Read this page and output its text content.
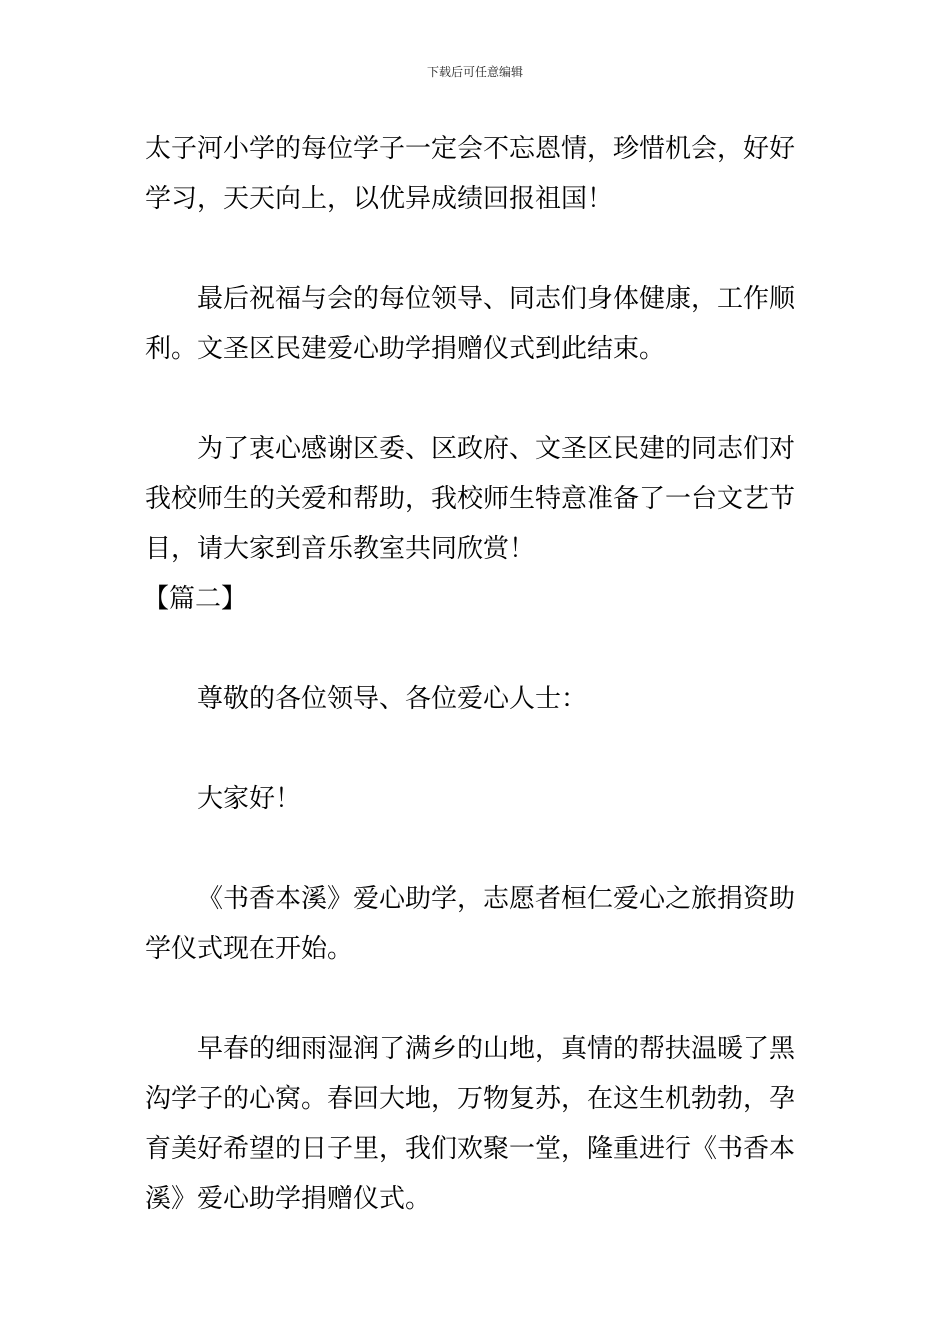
下载后可任意编辑
太子河小学的每位学子一定会不忘恩情，珍惜机会，好好
学习，天天向上，以优异成绩回报祖国！
最后祝福与会的每位领导、同志们身体健康，工作顺
利。文圣区民建爱心助学捐赠仪式到此结束。
为了衷心感谢区委、区政府、文圣区民建的同志们对
我校师生的关爱和帮助，我校师生特意准备了一台文艺节
目，请大家到音乐教室共同欣赏！
【篇二】
尊敬的各位领导、各位爱心人士：
大家好！
《书香本溪》爱心助学，志愿者桓仁爱心之旅捐资助
学仪式现在开始。
早春的细雨湿润了满乡的山地，真情的帮扶温暖了黑
沟学子的心窝。春回大地，万物复苏，在这生机勃勃，孕
育美好希望的日子里，我们欢聚一堂，隆重进行《书香本
溪》爱心助学捐赠仪式。
